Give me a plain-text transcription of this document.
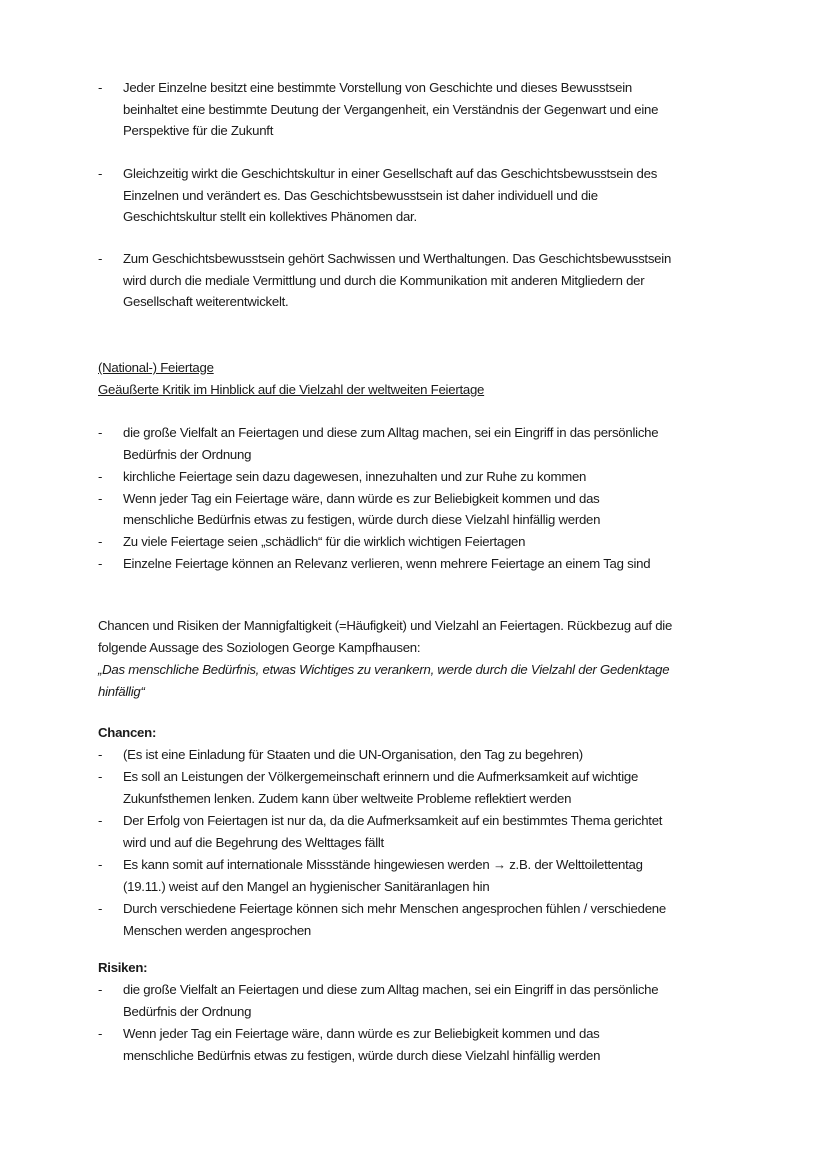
- Jeder Einzelne besitzt eine bestimmte Vorstellung von Geschichte und dieses Bewusstsein
beinhaltet eine bestimmte Deutung der Vergangenheit, ein Verständnis der Gegenwart und eine
Perspektive für die Zukunft
- Gleichzeitig wirkt die Geschichtskultur in einer Gesellschaft auf das Geschichtsbewusstsein des
Einzelnen und verändert es. Das Geschichtsbewusstsein ist daher individuell und die
Geschichtskultur stellt ein kollektives Phänomen dar.
- Zum Geschichtsbewusstsein gehört Sachwissen und Werthaltungen. Das Geschichtsbewusstsein
wird durch die mediale Vermittlung und durch die Kommunikation mit anderen Mitgliedern der
Gesellschaft weiterentwickelt.
(National-) Feiertage
Geäußerte Kritik im Hinblick auf die Vielzahl der weltweiten Feiertage
- die große Vielfalt an Feiertagen und diese zum Alltag machen, sei ein Eingriff in das persönliche
Bedürfnis der Ordnung
- kirchliche Feiertage sein dazu dagewesen, innezuhalten und zur Ruhe zu kommen
- Wenn jeder Tag ein Feiertage wäre, dann würde es zur Beliebigkeit kommen und das
menschliche Bedürfnis etwas zu festigen, würde durch diese Vielzahl hinfällig werden
- Zu viele Feiertage seien „schädlich“ für die wirklich wichtigen Feiertagen
- Einzelne Feiertage können an Relevanz verlieren, wenn mehrere Feiertage an einem Tag sind
Chancen und Risiken der Mannigfaltigkeit (=Häufigkeit) und Vielzahl an Feiertagen. Rückbezug auf die
folgende Aussage des Soziologen George Kampfhausen:
„Das menschliche Bedürfnis, etwas Wichtiges zu verankern, werde durch die Vielzahl der Gedenktage
hinfällig“
Chancen:
- (Es ist eine Einladung für Staaten und die UN-Organisation, den Tag zu begehren)
- Es soll an Leistungen der Völkergemeinschaft erinnern und die Aufmerksamkeit auf wichtige
Zukunfsthemen lenken. Zudem kann über weltweite Probleme reflektiert werden
- Der Erfolg von Feiertagen ist nur da, da die Aufmerksamkeit auf ein bestimmtes Thema gerichtet
wird und auf die Begehrung des Welttages fällt
- Es kann somit auf internationale Missstände hingewiesen werden → z.B. der Welttoilettentag
(19.11.) weist auf den Mangel an hygienischer Sanitäranlagen hin
- Durch verschiedene Feiertage können sich mehr Menschen angesprochen fühlen / verschiedene
Menschen werden angesprochen
Risiken:
- die große Vielfalt an Feiertagen und diese zum Alltag machen, sei ein Eingriff in das persönliche
Bedürfnis der Ordnung
- Wenn jeder Tag ein Feiertage wäre, dann würde es zur Beliebigkeit kommen und das
menschliche Bedürfnis etwas zu festigen, würde durch diese Vielzahl hinfällig werden
